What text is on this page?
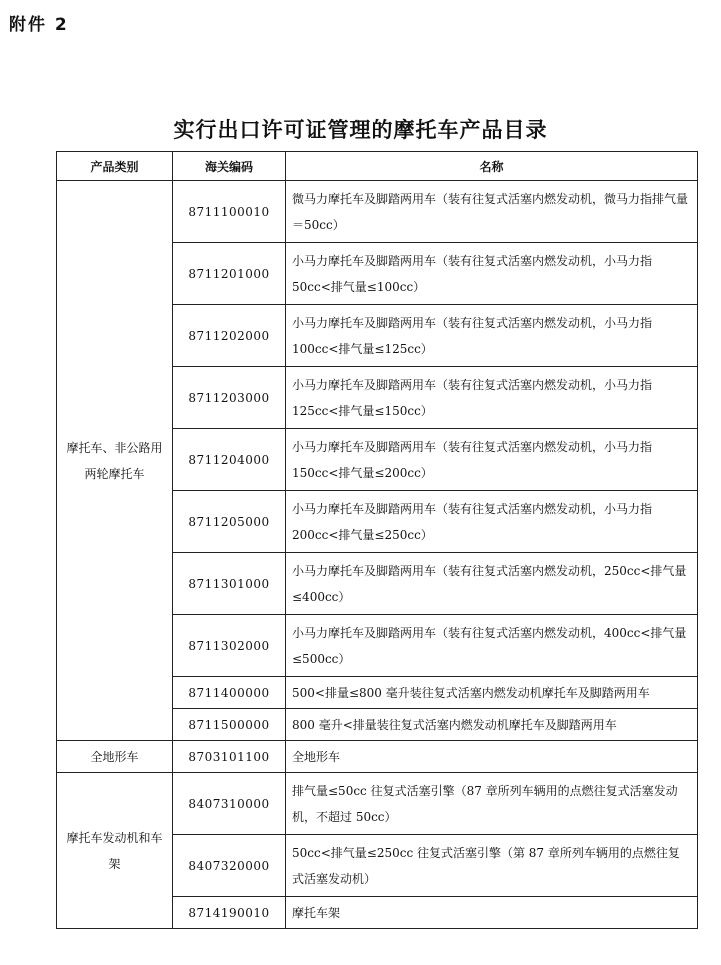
附件 2
实行出口许可证管理的摩托车产品目录
产品类别	海关编码	名称
摩托车、非公路用两轮摩托车	8711100010	微马力摩托车及脚踏两用车（装有往复式活塞内燃发动机，微马力指排气量＝50cc）
	8711201000	小马力摩托车及脚踏两用车（装有往复式活塞内燃发动机，小马力指 50cc<排气量≤100cc）
	8711202000	小马力摩托车及脚踏两用车（装有往复式活塞内燃发动机，小马力指 100cc<排气量≤125cc）
	8711203000	小马力摩托车及脚踏两用车（装有往复式活塞内燃发动机，小马力指 125cc<排气量≤150cc）
	8711204000	小马力摩托车及脚踏两用车（装有往复式活塞内燃发动机，小马力指 150cc<排气量≤200cc）
	8711205000	小马力摩托车及脚踏两用车（装有往复式活塞内燃发动机，小马力指 200cc<排气量≤250cc）
	8711301000	小马力摩托车及脚踏两用车（装有往复式活塞内燃发动机，250cc<排气量≤400cc）
	8711302000	小马力摩托车及脚踏两用车（装有往复式活塞内燃发动机，400cc<排气量≤500cc）
	8711400000	500<排量≤800 毫升装往复式活塞内燃发动机摩托车及脚踏两用车
	8711500000	800 毫升<排量装往复式活塞内燃发动机摩托车及脚踏两用车
全地形车	8703101100	全地形车
摩托车发动机和车架	8407310000	排气量≤50cc 往复式活塞引擎（87 章所列车辆用的点燃往复式活塞发动机，不超过 50cc）
	8407320000	50cc<排气量≤250cc 往复式活塞引擎（第 87 章所列车辆用的点燃往复式活塞发动机）
	8714190010	摩托车架
